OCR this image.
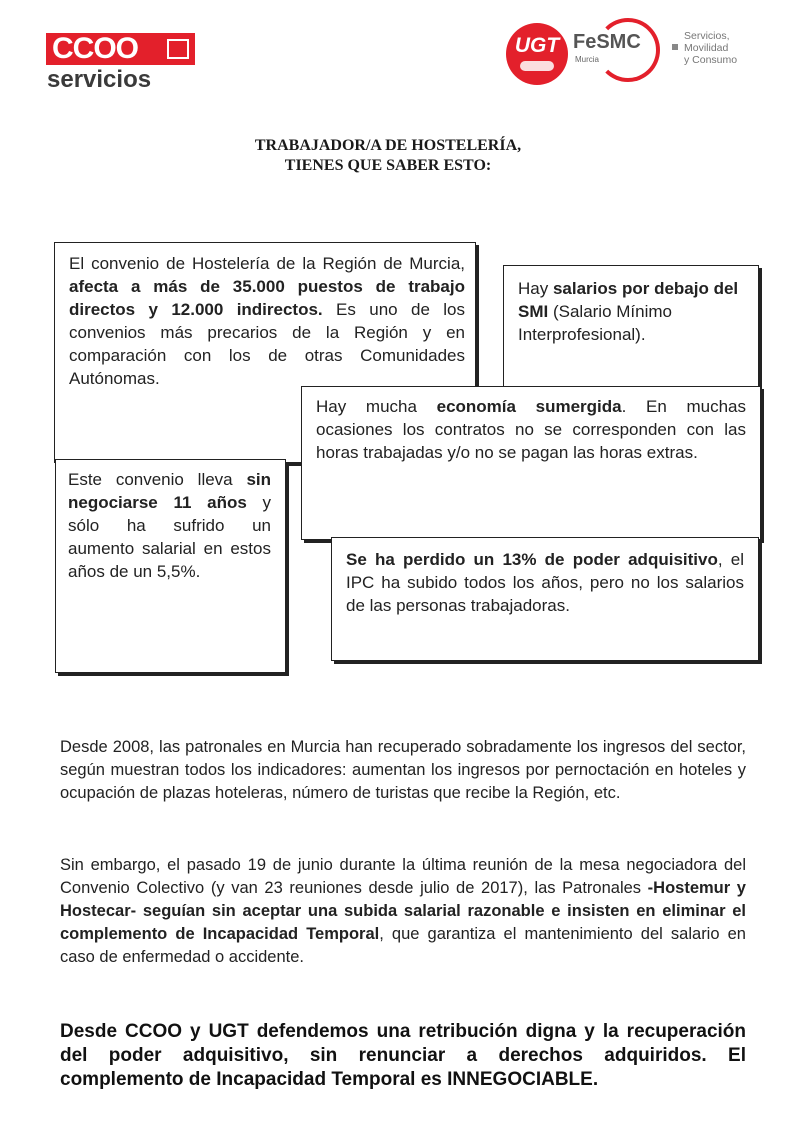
CCOO
servicios
UGT FeSMC
Murcia
Servicios,
Movilidad
y Consumo
TRABAJADOR/A DE HOSTELERÍA,
TIENES QUE SABER ESTO:

El convenio de Hostelería de la Región de Murcia, afecta a más de 35.000 puestos de trabajo directos y 12.000 indirectos. Es uno de los convenios más precarios de la Región y en comparación con los de otras Comunidades Autónomas.

Hay salarios por debajo del SMI (Salario Mínimo Interprofesional).

Hay mucha economía sumergida. En muchas ocasiones los contratos no se corresponden con las horas trabajadas y/o no se pagan las horas extras.

Este convenio lleva sin negociarse 11 años y sólo ha sufrido un aumento salarial en estos años de un 5,5%.

Se ha perdido un 13% de poder adquisitivo, el IPC ha subido todos los años, pero no los salarios de las personas trabajadoras.

Desde 2008, las patronales en Murcia han recuperado sobradamente los ingresos del sector, según muestran todos los indicadores: aumentan los ingresos por pernoctación en hoteles y ocupación de plazas hoteleras, número de turistas que recibe la Región, etc.

Sin embargo, el pasado 19 de junio durante la última reunión de la mesa negociadora del Convenio Colectivo (y van 23 reuniones desde julio de 2017), las Patronales -Hostemur y Hostecar- seguían sin aceptar una subida salarial razonable e insisten en eliminar el complemento de Incapacidad Temporal, que garantiza el mantenimiento del salario en caso de enfermedad o accidente.

Desde CCOO y UGT defendemos una retribución digna y la recuperación del poder adquisitivo, sin renunciar a derechos adquiridos. El complemento de Incapacidad Temporal es INNEGOCIABLE.
